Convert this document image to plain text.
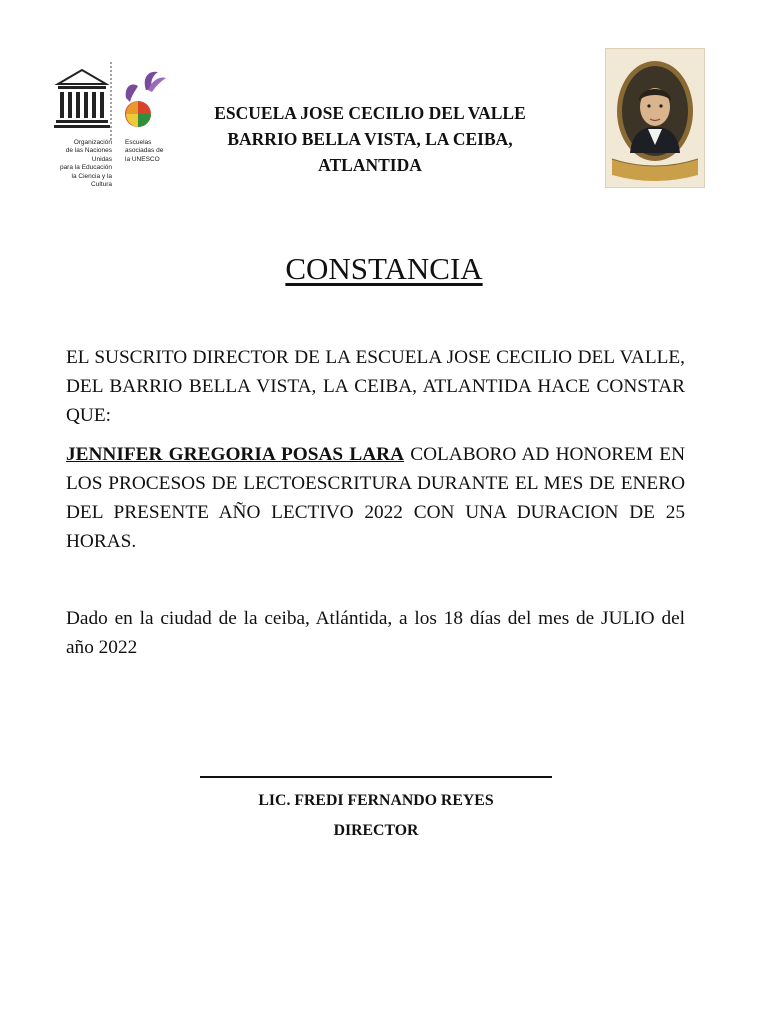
Organización
de las Naciones Unidas
para la Educación
la Ciencia y la Cultura
Escuelas
asociadas de
la UNESCO
ESCUELA JOSE CECILIO DEL VALLE
BARRIO BELLA VISTA, LA CEIBA,
ATLANTIDA
CONSTANCIA
EL SUSCRITO DIRECTOR DE LA ESCUELA JOSE CECILIO DEL VALLE, DEL BARRIO BELLA VISTA, LA CEIBA, ATLANTIDA HACE CONSTAR QUE:
JENNIFER GREGORIA POSAS LARA COLABORO AD HONOREM EN LOS PROCESOS DE LECTOESCRITURA DURANTE EL MES DE ENERO DEL PRESENTE AÑO LECTIVO 2022 CON UNA DURACION DE 25 HORAS.
Dado en la ciudad de la ceiba, Atlántida, a los 18 días del mes de JULIO del año 2022
LIC. FREDI FERNANDO REYES
DIRECTOR
